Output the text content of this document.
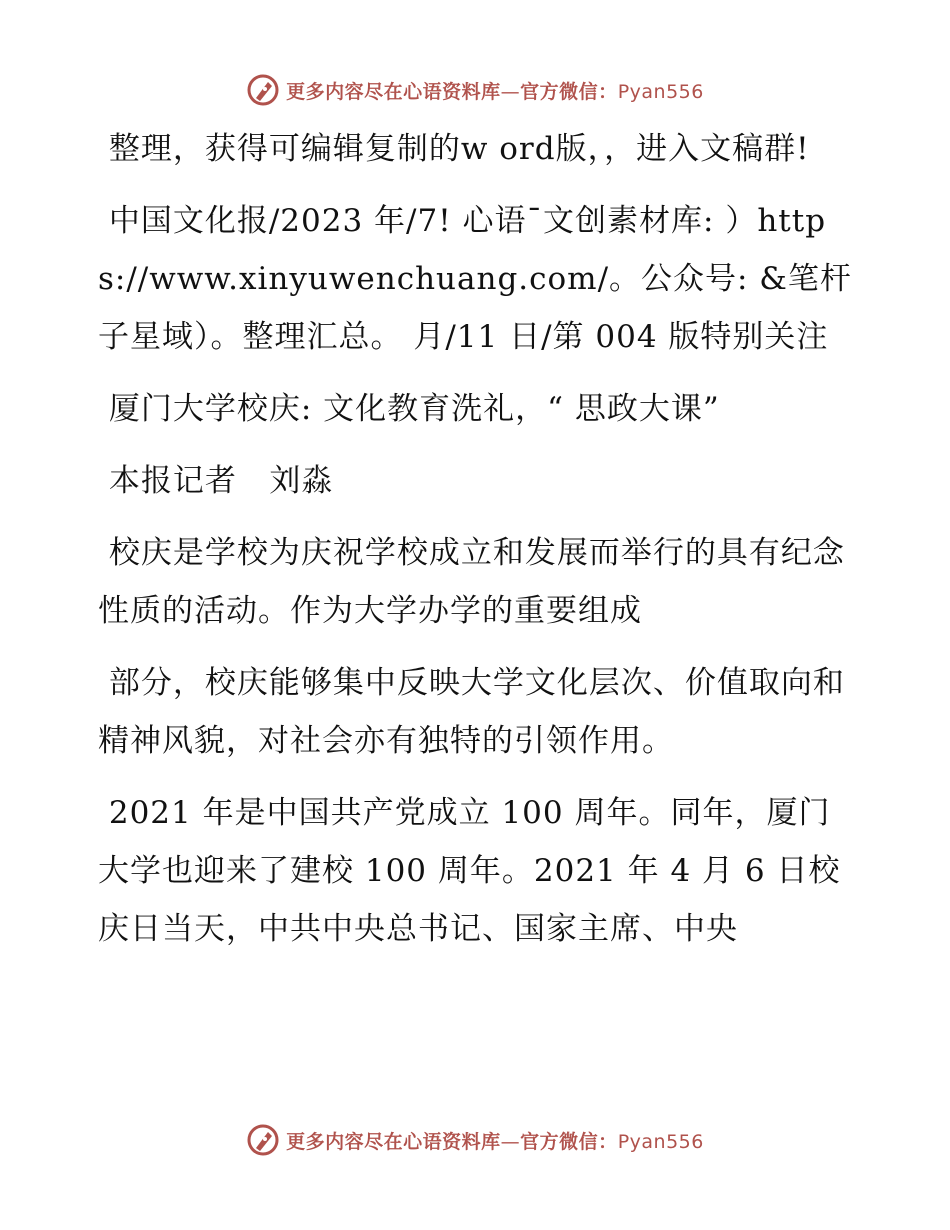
更多内容尽在心语资料库—官方微信：Pyan556

整理，获得可编辑复制的w ord版，，进入文稿群!

中国文化报/2023 年/7! 心语¯文创素材库: ）https://www.xinyuwenchuang.com/。公众号: &笔杆子星域）。整理汇总。 月/11 日/第 004 版特别关注

厦门大学校庆: 文化教育洗礼，“ 思政大课”

本报记者   刘淼

校庆是学校为庆祝学校成立和发展而举行的具有纪念性质的活动。作为大学办学的重要组成

部分，校庆能够集中反映大学文化层次、价值取向和精神风貌，对社会亦有独特的引领作用。

2021 年是中国共产党成立 100 周年。同年，厦门大学也迎来了建校 100 周年。2021 年 4 月 6 日校庆日当天，中共中央总书记、国家主席、中央

更多内容尽在心语资料库—官方微信：Pyan556
